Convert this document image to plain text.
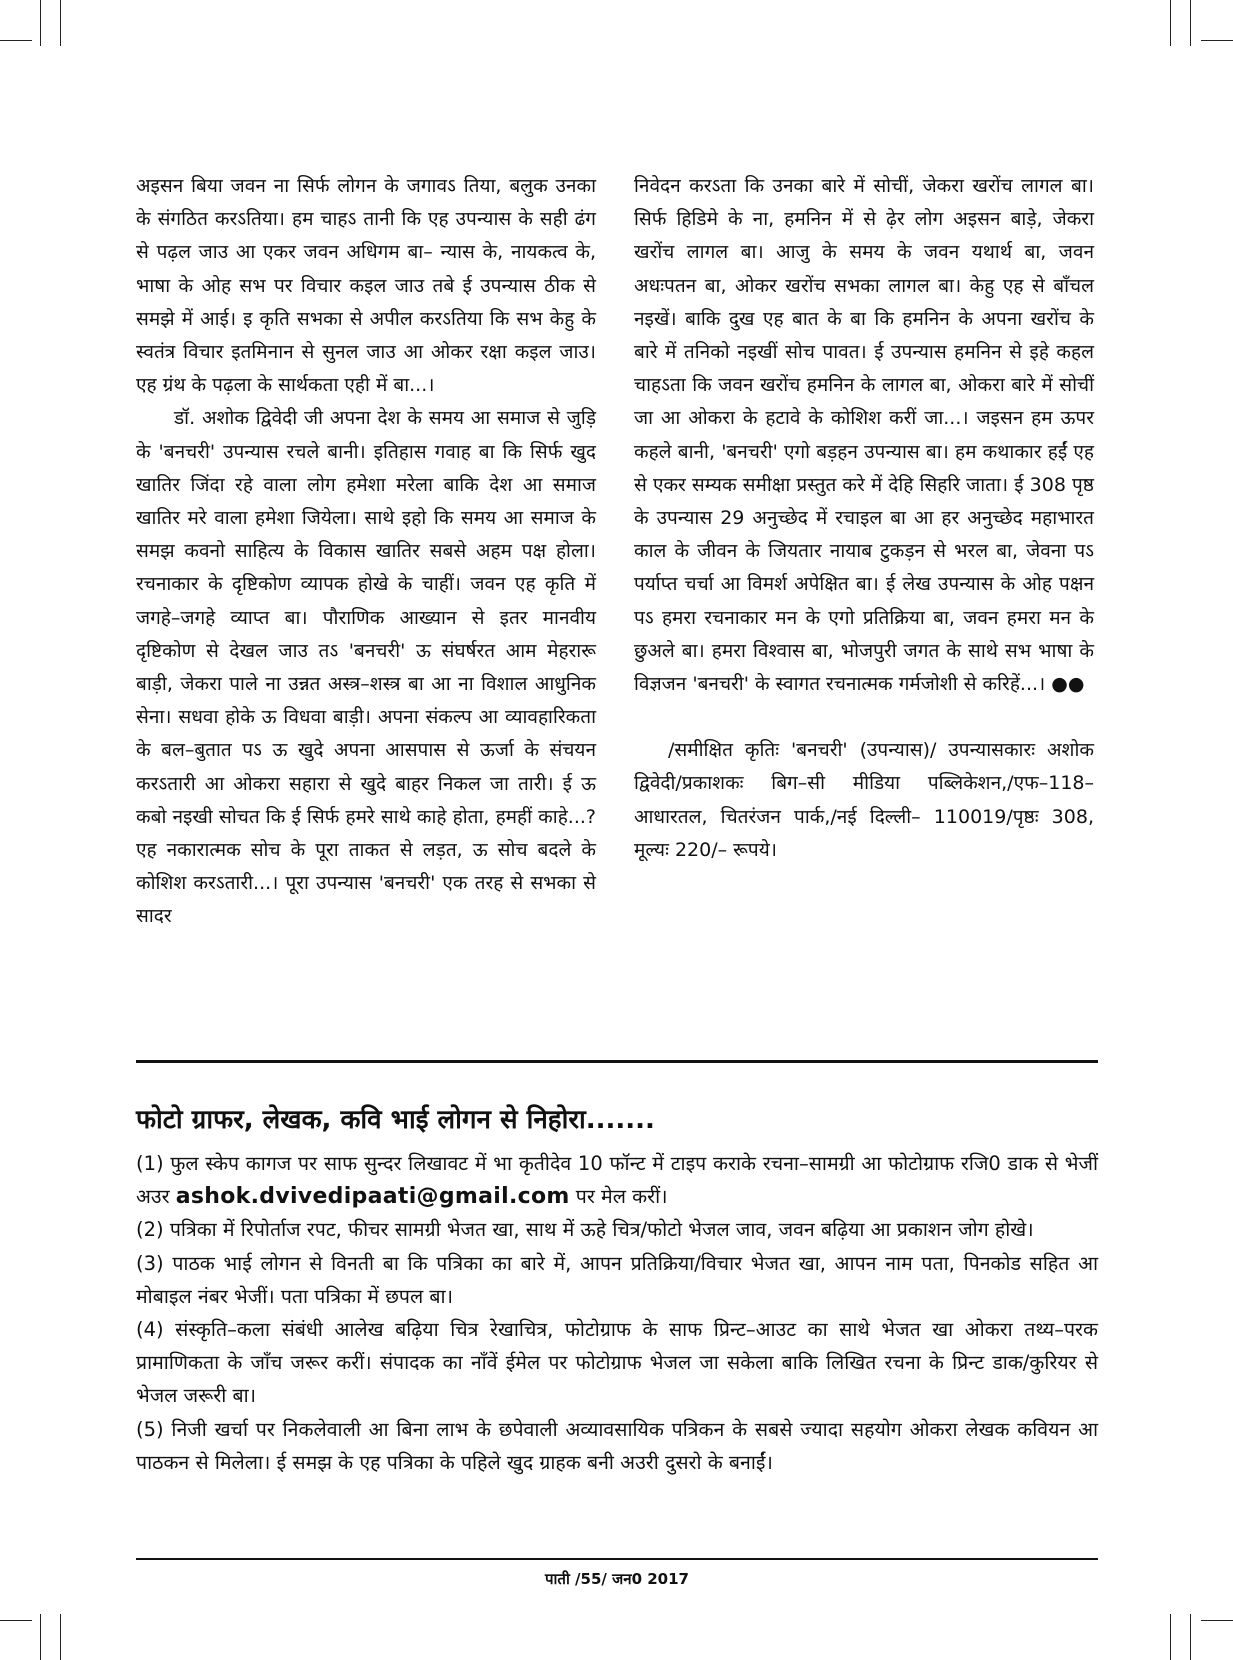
अइसन बिया जवन ना सिर्फ लोगन के जगावऽ तिया, बलुक उनका के संगठित करऽतिया। हम चाहऽ तानी कि एह उपन्यास के सही ढंग से पढ़ल जाउ आ एकर जवन अधिगम बा– न्यास के, नायकत्व के, भाषा के ओह सभ पर विचार कइल जाउ तबे ई उपन्यास ठीक से समझे में आई। इ कृति सभका से अपील करऽतिया कि सभ केहु के स्वतंत्र विचार इतमिनान से सुनल जाउ आ ओकर रक्षा कइल जाउ। एह ग्रंथ के पढ़ला के सार्थकता एही में बा...।

डॉ. अशोक द्विवेदी जी अपना देश के समय आ समाज से जुड़ि के 'बनचरी' उपन्यास रचले बानी। इतिहास गवाह बा कि सिर्फ खुद खातिर जिंदा रहे वाला लोग हमेशा मरेला बाकि देश आ समाज खातिर मरे वाला हमेशा जियेला। साथे इहो कि समय आ समाज के समझ कवनो साहित्य के विकास खातिर सबसे अहम पक्ष होला। रचनाकार के दृष्टिकोण व्यापक होखे के चाहीं। जवन एह कृति में जगहे–जगहे व्याप्त बा। पौराणिक आख्यान से इतर मानवीय दृष्टिकोण से देखल जाउ तऽ 'बनचरी' ऊ संघर्षरत आम मेहरारू बाड़ी, जेकरा पाले ना उन्नत अस्त्र–शस्त्र बा आ ना विशाल आधुनिक सेना। सधवा होके ऊ विधवा बाड़ी। अपना संकल्प आ व्यावहारिकता के बल–बुतात पऽ ऊ खुदे अपना आसपास से ऊर्जा के संचयन करऽतारी आ ओकरा सहारा से खुदे बाहर निकल जा तारी। ई ऊ कबो नइखी सोचत कि ई सिर्फ हमरे साथे काहे होता, हमहीं काहे...? एह नकारात्मक सोच के पूरा ताकत से लड़त, ऊ सोच बदले के कोशिश करऽतारी...। पूरा उपन्यास 'बनचरी' एक तरह से सभका से सादर

निवेदन करऽता कि उनका बारे में सोचीं, जेकरा खरोंच लागल बा। सिर्फ हिडिमे के ना, हमनिन में से ढ़ेर लोग अइसन बाड़े, जेकरा खरोंच लागल बा। आजु के समय के जवन यथार्थ बा, जवन अधःपतन बा, ओकर खरोंच सभका लागल बा। केहु एह से बाँचल नइखें। बाकि दुख एह बात के बा कि हमनिन के अपना खरोंच के बारे में तनिको नइखीं सोच पावत। ई उपन्यास हमनिन से इहे कहल चाहऽता कि जवन खरोंच हमनिन के लागल बा, ओकरा बारे में सोचीं जा आ ओकरा के हटावे के कोशिश करीं जा...। जइसन हम ऊपर कहले बानी, 'बनचरी' एगो बड़हन उपन्यास बा। हम कथाकार हईं एह से एकर सम्यक समीक्षा प्रस्तुत करे में देहि सिहरि जाता। ई 308 पृष्ठ के उपन्यास 29 अनुच्छेद में रचाइल बा आ हर अनुच्छेद महाभारत काल के जीवन के जियतार नायाब टुकड़न से भरल बा, जेवना पऽ पर्याप्त चर्चा आ विमर्श अपेक्षित बा। ई लेख उपन्यास के ओह पक्षन पऽ हमरा रचनाकार मन के एगो प्रतिक्रिया बा, जवन हमरा मन के छुअले बा। हमरा विश्वास बा, भोजपुरी जगत के साथे सभ भाषा के विज्ञजन 'बनचरी' के स्वागत रचनात्मक गर्मजोशी से करिहें...। ●●

/समीक्षित कृतिः 'बनचरी' (उपन्यास)/ उपन्यासकारः अशोक द्विवेदी/प्रकाशकः बिग–सी मीडिया पब्लिकेशन,/एफ–118–आधारतल, चितरंजन पार्क,/नई दिल्ली– 110019/पृष्ठः 308, मूल्यः 220/– रूपये।

फोटो ग्राफर, लेखक, कवि भाई लोगन से निहोरा.......

(1) फुल स्केप कागज पर साफ सुन्दर लिखावट में भा कृतीदेव 10 फॉन्ट में टाइप कराके रचना–सामग्री आ फोटोग्राफ रजि0 डाक से भेजीं अउर ashok.dvivedipaati@gmail.com पर मेल करीं।

(2) पत्रिका में रिपोर्ताज रपट, फीचर सामग्री भेजत खा, साथ में ऊहे चित्र/फोटो भेजल जाव, जवन बढ़िया आ प्रकाशन जोग होखे।

(3) पाठक भाई लोगन से विनती बा कि पत्रिका का बारे में, आपन प्रतिक्रिया/विचार भेजत खा, आपन नाम पता, पिनकोड सहित आ मोबाइल नंबर भेजीं। पता पत्रिका में छपल बा।

(4) संस्कृति–कला संबंधी आलेख बढ़िया चित्र रेखाचित्र, फोटोग्राफ के साफ प्रिन्ट–आउट का साथे भेजत खा ओकरा तथ्य–परक प्रामाणिकता के जाँच जरूर करीं। संपादक का नाँवें ईमेल पर फोटोग्राफ भेजल जा सकेला बाकि लिखित रचना के प्रिन्ट डाक/कुरियर से भेजल जरूरी बा।

(5) निजी खर्चा पर निकलेवाली आ बिना लाभ के छपेवाली अव्यावसायिक पत्रिकन के सबसे ज्यादा सहयोग ओकरा लेखक कवियन आ पाठकन से मिलेला। ई समझ के एह पत्रिका के पहिले खुद ग्राहक बनी अउरी दुसरो के बनाईं।

पाती /55/ जन0 2017
